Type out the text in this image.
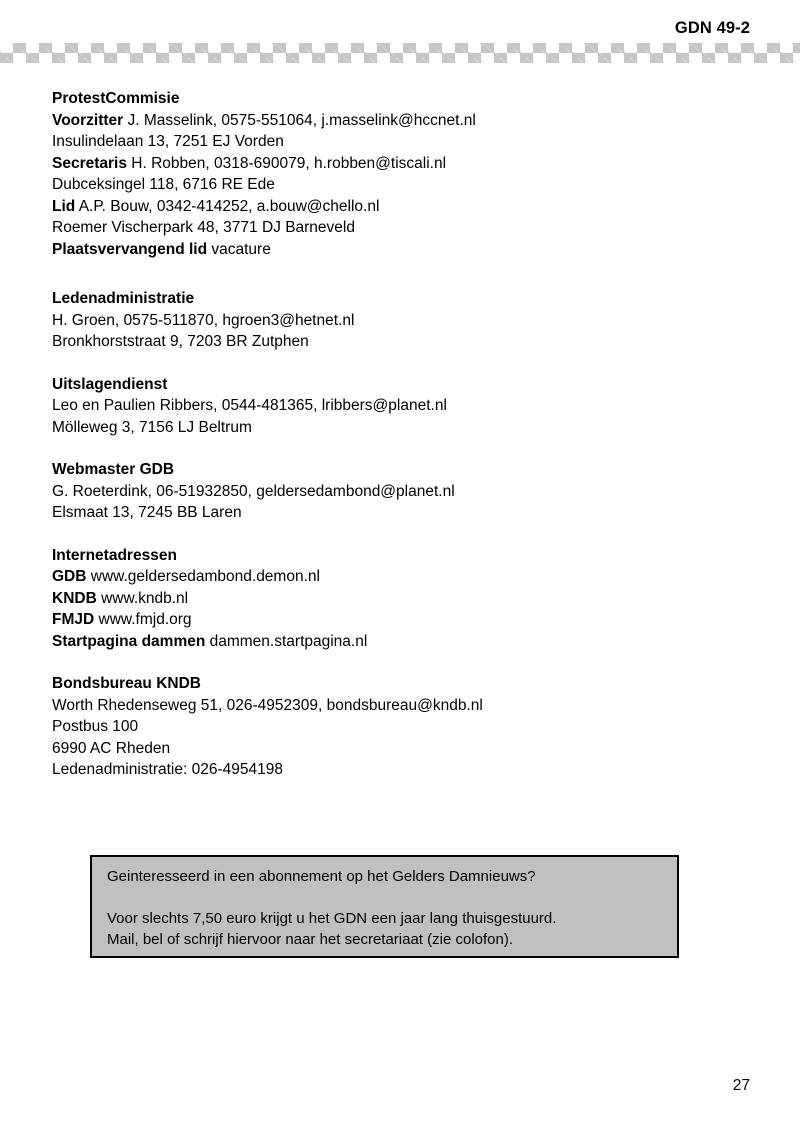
GDN 49-2
ProtestCommisie
Voorzitter J. Masselink, 0575-551064, j.masselink@hccnet.nl
Insulindelaan 13, 7251 EJ Vorden
Secretaris H. Robben, 0318-690079, h.robben@tiscali.nl
Dubceksingel 118, 6716 RE Ede
Lid A.P. Bouw, 0342-414252, a.bouw@chello.nl
Roemer Vischerpark 48, 3771 DJ Barneveld
Plaatsvervangend lid vacature
Ledenadministratie
H. Groen, 0575-511870, hgroen3@hetnet.nl
Bronkhorststraat 9, 7203 BR Zutphen
Uitslagendienst
Leo en Paulien Ribbers, 0544-481365, lribbers@planet.nl
Mölleweg 3, 7156 LJ Beltrum
Webmaster GDB
G. Roeterdink, 06-51932850, geldersedambond@planet.nl
Elsmaat 13, 7245 BB Laren
Internetadressen
GDB www.geldersedambond.demon.nl
KNDB www.kndb.nl
FMJD www.fmjd.org
Startpagina dammen dammen.startpagina.nl
Bondsbureau KNDB
Worth Rhedenseweg 51, 026-4952309, bondsbureau@kndb.nl
Postbus 100
6990 AC Rheden
Ledenadministratie: 026-4954198
Geinteresseerd in een abonnement op het Gelders Damnieuws?
Voor slechts 7,50 euro krijgt u het GDN een jaar lang thuisgestuurd.
Mail, bel of schrijf hiervoor naar het secretariaat (zie colofon).
27
